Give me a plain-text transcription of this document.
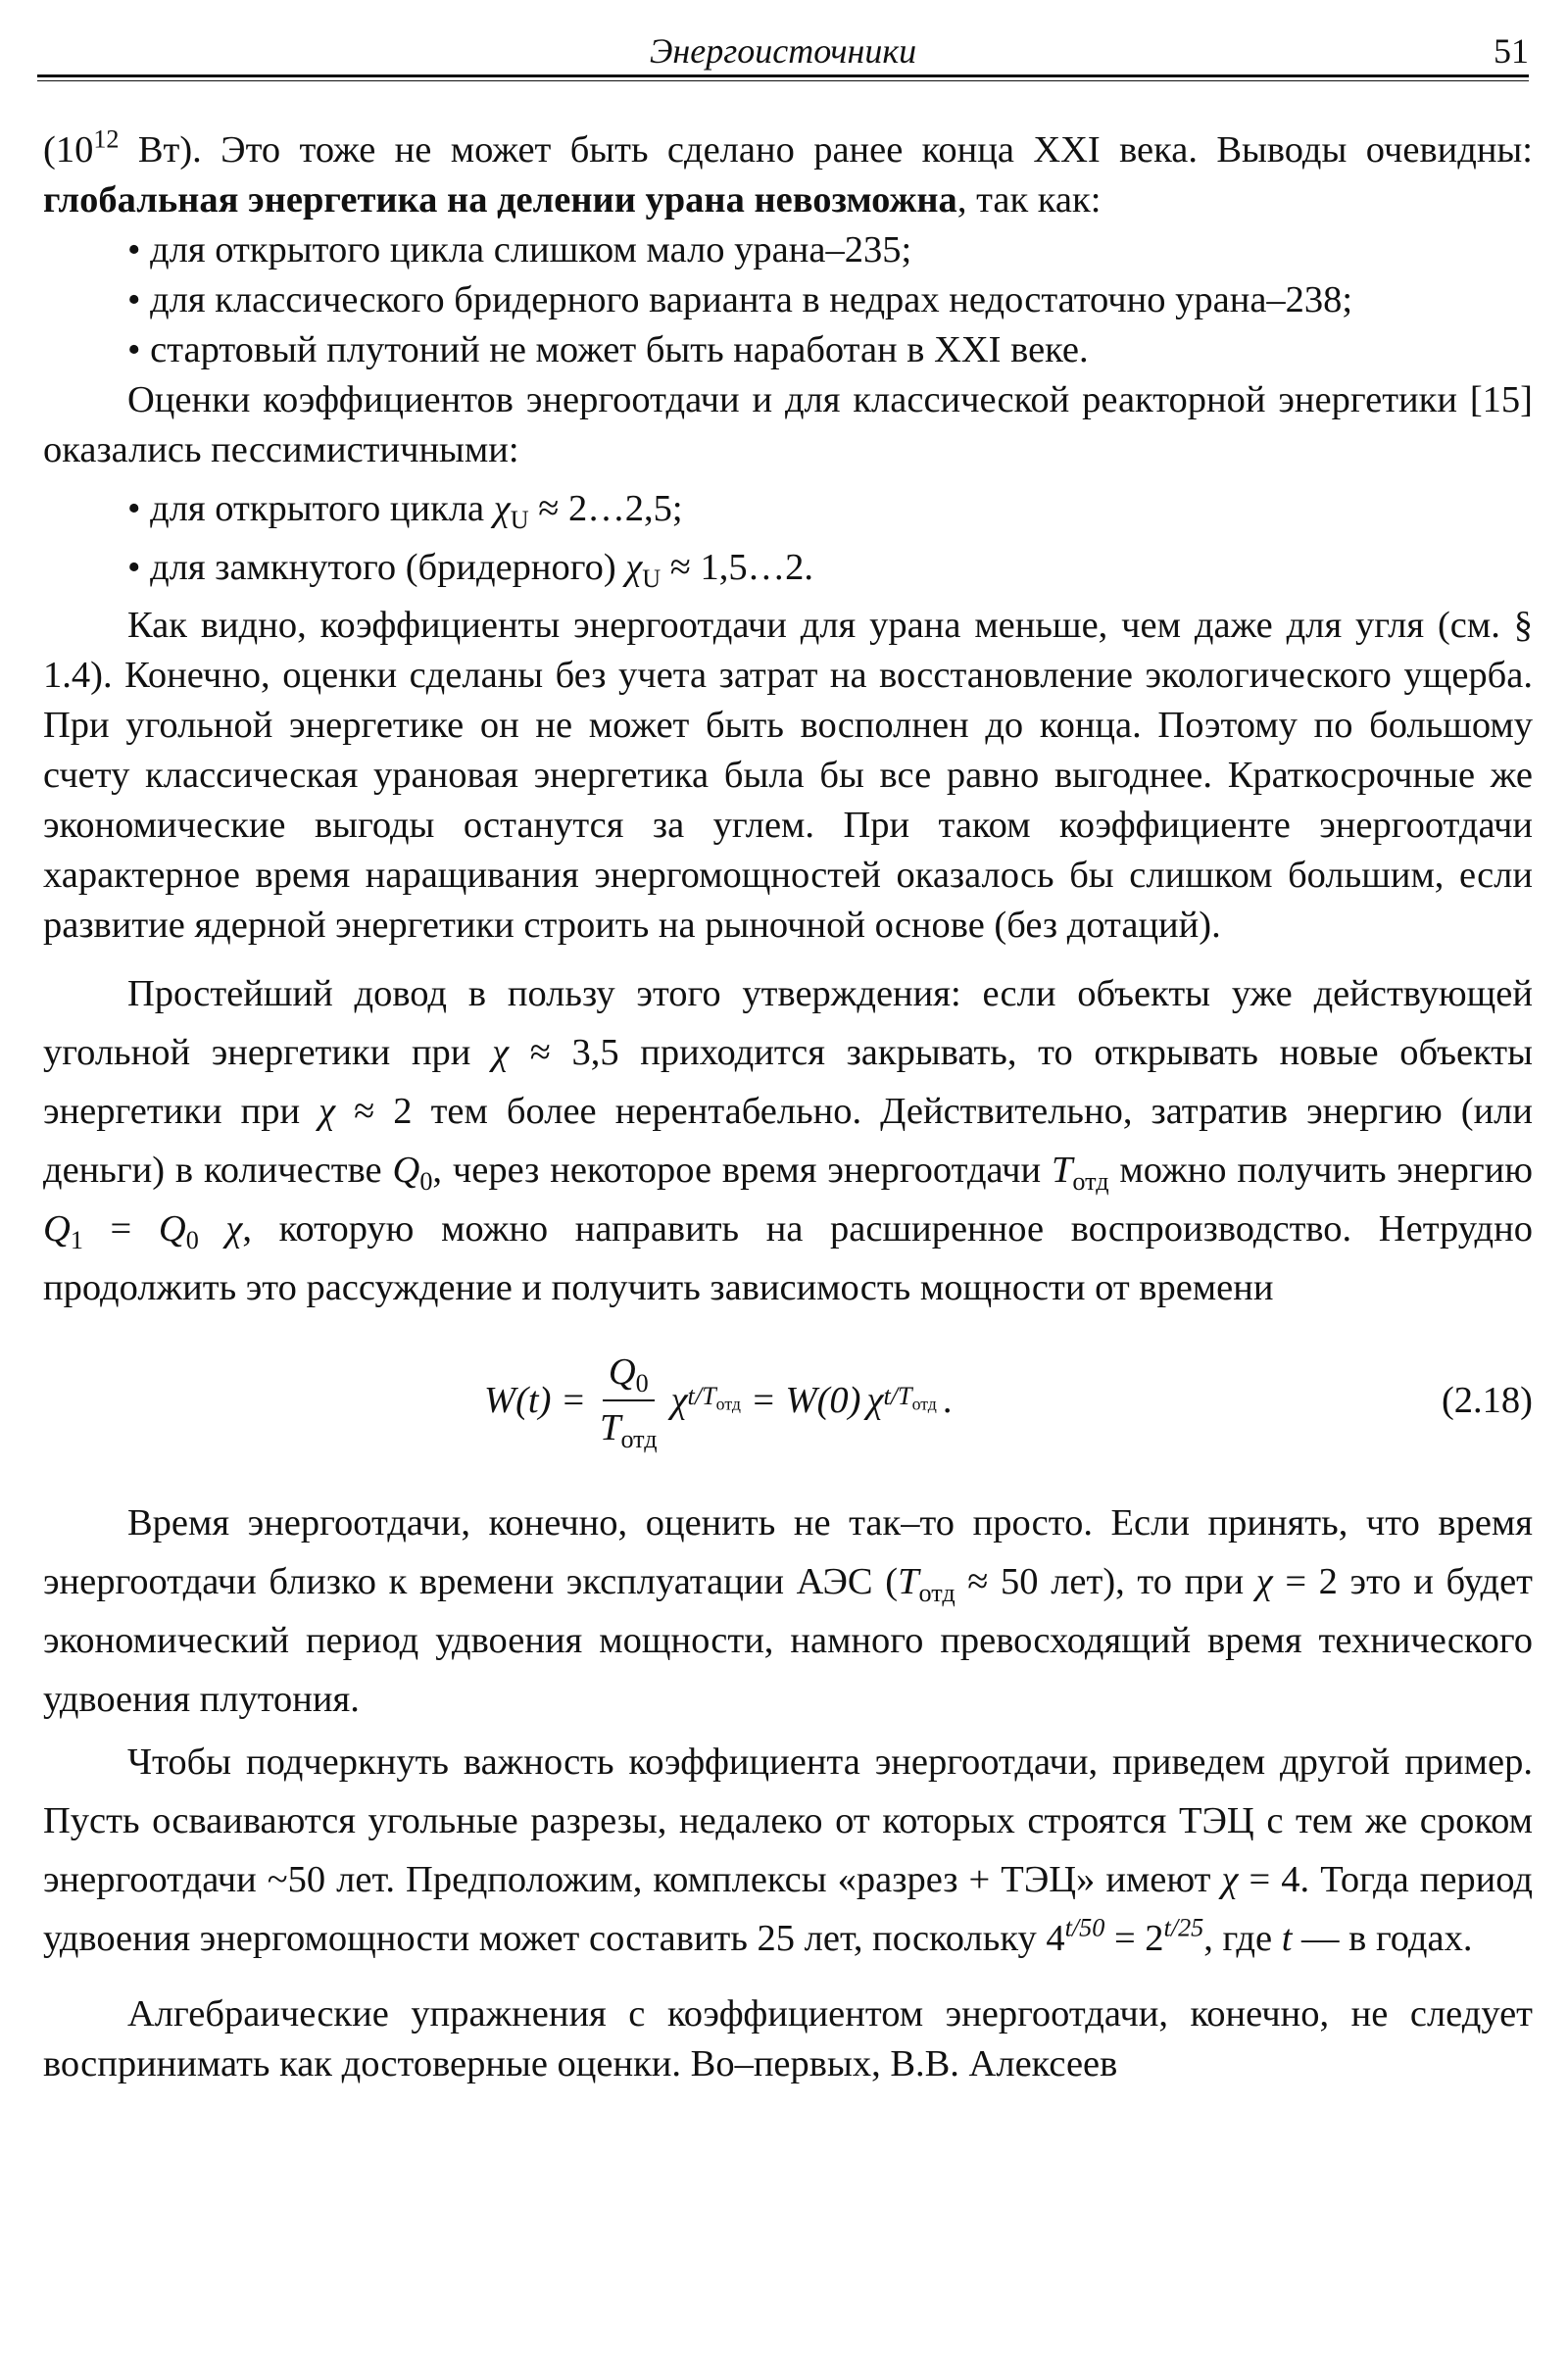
Энергоисточники	51

($10^{12}$ Вт). Это тоже не может быть сделано ранее конца XXI века. Выводы очевидны: глобальная энергетика на делении урана невозможна, так как:

• для открытого цикла слишком мало урана–235;

• для классического бридерного варианта в недрах недостаточно урана–238;

• стартовый плутоний не может быть наработан в XXI веке.

Оценки коэффициентов энергоотдачи и для классической реакторной энергетики [15] оказались пессимистичными:

• для открытого цикла $\chi_U$ ≈ 2…2,5;

• для замкнутого (бридерного) $\chi_U$ ≈ 1,5…2.

Как видно, коэффициенты энергоотдачи для урана меньше, чем даже для угля (см. § 1.4). Конечно, оценки сделаны без учета затрат на восстановление экологического ущерба. При угольной энергетике он не может быть восполнен до конца. Поэтому по большому счету классическая урановая энергетика была бы все равно выгоднее. Краткосрочные же экономические выгоды останутся за углем. При таком коэффициенте энергоотдачи характерное время наращивания энергомощностей оказалось бы слишком большим, если развитие ядерной энергетики строить на рыночной основе (без дотаций).

Простейший довод в пользу этого утверждения: если объекты уже действующей угольной энергетики при χ ≈ 3,5 приходится закрывать, то открывать новые объекты энергетики при χ ≈ 2 тем более нерентабельно. Действительно, затратив энергию (или деньги) в количестве $Q_0$, через некоторое время энергоотдачи $T_{отд}$ можно получить энергию $Q_1 = Q_0$ χ, которую можно направить на расширенное воспроизводство. Нетрудно продолжить это рассуждение и получить зависимость мощности от времени

$W(t) = \frac{Q_0}{T_{отд}}$ χ $t/T_{отд} = W(0)$ χ $t/T_{отд}$ .	(2.18)

Время энергоотдачи, конечно, оценить не так–то просто. Если принять, что время энергоотдачи близко к времени эксплуатации АЭС ($T_{отд} \approx 50$ лет), то при χ = 2 это и будет экономический период удвоения мощности, намного превосходящий время технического удвоения плутония.

Чтобы подчеркнуть важность коэффициента энергоотдачи, приведем другой пример. Пусть осваиваются угольные разрезы, недалеко от которых строятся ТЭЦ с тем же сроком энергоотдачи ~50 лет. Предположим, комплексы «разрез + ТЭЦ» имеют χ = 4. Тогда период удвоения энергомощности может составить 25 лет, поскольку $4^{t/50} = 2^{t/25}$, где t — в годах.

Алгебраические упражнения с коэффициентом энергоотдачи, конечно, не следует воспринимать как достоверные оценки. Во–первых, В.В. Алексеев
